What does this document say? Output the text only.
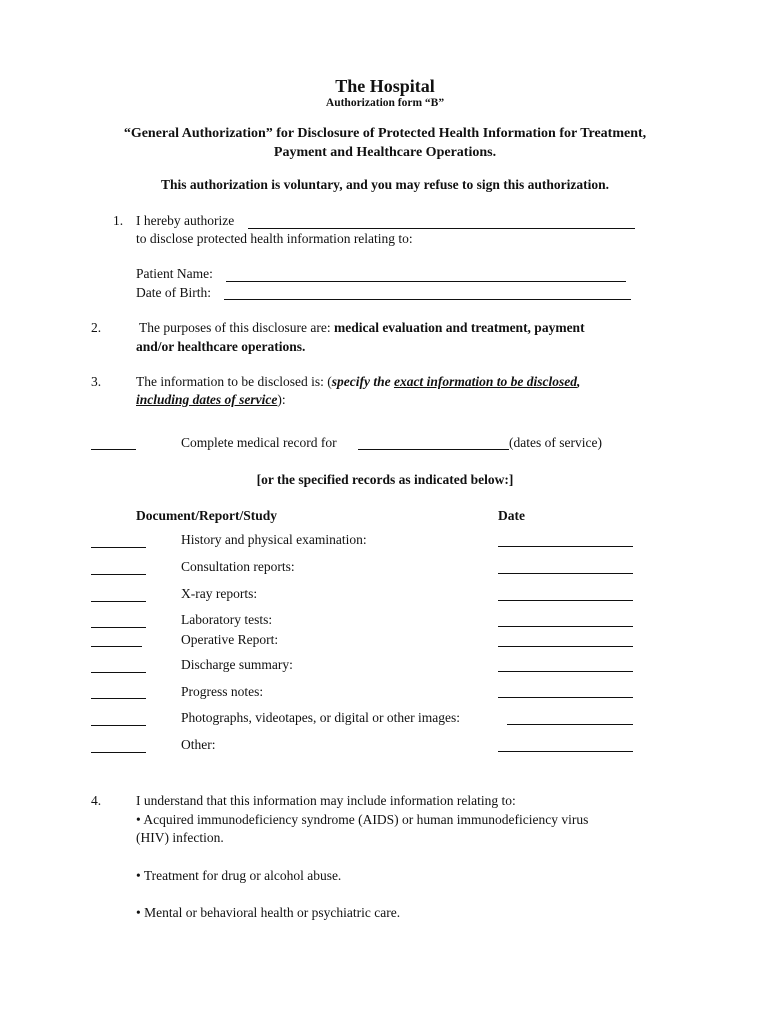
The Hospital
Authorization form “B”
“General Authorization” for Disclosure of Protected Health Information for Treatment,
Payment and Healthcare Operations.
This authorization is voluntary, and you may refuse to sign this authorization.
1. I hereby authorize
to disclose protected health information relating to:
Patient Name:
Date of Birth:
2.	The purposes of this disclosure are: medical evaluation and treatment, payment
and/or healthcare operations.
3.	The information to be disclosed is: (specify the exact information to be disclosed,
including dates of service):
Complete medical record for	(dates of service)
[or the specified records as indicated below:]
Document/Report/Study	Date
History and physical examination:
Consultation reports:
X-ray reports:
Laboratory tests:
Operative Report:
Discharge summary:
Progress notes:
Photographs, videotapes, or digital or other images:
Other:
4.	I understand that this information may include information relating to:
• Acquired immunodeficiency syndrome (AIDS) or human immunodeficiency virus
(HIV) infection.
• Treatment for drug or alcohol abuse.
• Mental or behavioral health or psychiatric care.
